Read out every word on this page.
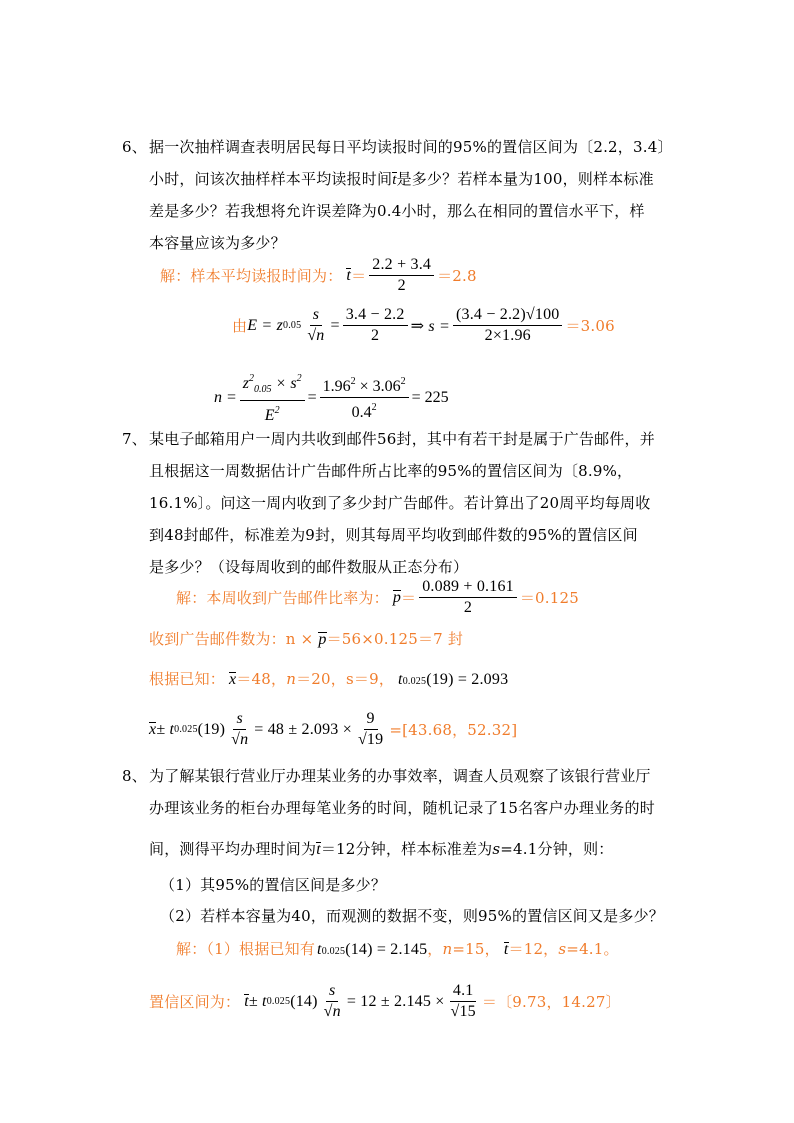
6、 据一次抽样调查表明居民每日平均读报时间的95%的置信区间为〔2.2，3.4〕
小时，问该次抽样样本平均读报时间t是多少？若样本量为100，则样本标准
差是多少？若我想将允许误差降为0.4小时，那么在相同的置信水平下，样
本容量应该为多少？
解：样本平均读报时间为： $t = \frac{2.2 + 3.4}{2} =2.8$
由 E = z $0.05 \frac{s}{√n} = \frac{3.4 - 2.2}{2}$ ⇒ $s = \frac{(3.4 - 2.2)√100}{2\times 1.96} =3.06$
$n = \frac{z^2_{0.05} \times s^2}{E^2} = \frac{1.96^2 \times 3.06^2}{0.4^2} = 225$
7、 某电子邮箱用户一周内共收到邮件56封，其中有若干封是属于广告邮件，并
且根据这一周数据估计广告邮件所占比率的95%的置信区间为〔8.9%，
16.1%〕。问这一周内收到了多少封广告邮件。若计算出了20周平均每周收
到48封邮件，标准差为9封，则其每周平均收到邮件数的95%的置信区间
是多少？（设每周收到的邮件数服从正态分布）
解：本周收到广告邮件比率为： $p = \frac{0.089 + 0.161}{2} =0.125$
收到广告邮件数为：n × p＝56×0.125＝7 封
根据已知： x ＝48， n ＝20，s＝9， t 0.025 (19) = 2.093
x ± t 0.025 $(19) \frac{s}{√n} = 48 \pm 2.093 \times \frac{9}{√19} =[43.68$，52.32]
8、 为了解某银行营业厅办理某业务的办事效率，调查人员观察了该银行营业厅
办理该业务的柜台办理每笔业务的时间，随机记录了15名客户办理业务的时
间，测得平均办理时间为t＝12分钟，样本标准差为s=4.1分钟，则：
（1）其95%的置信区间是多少？
（2）若样本容量为40，而观测的数据不变，则95%的置信区间又是多少？
解：（1）根据已知有 t 0.025 (14) = 2.145 ， n =15， t ＝12， s =4.1。
置信区间为： t ± t 0.025 $(14) \frac{s}{√n} = 12 \pm 2.145 \times \frac{4.1}{√15}$ ＝〔9.73，14.27〕
